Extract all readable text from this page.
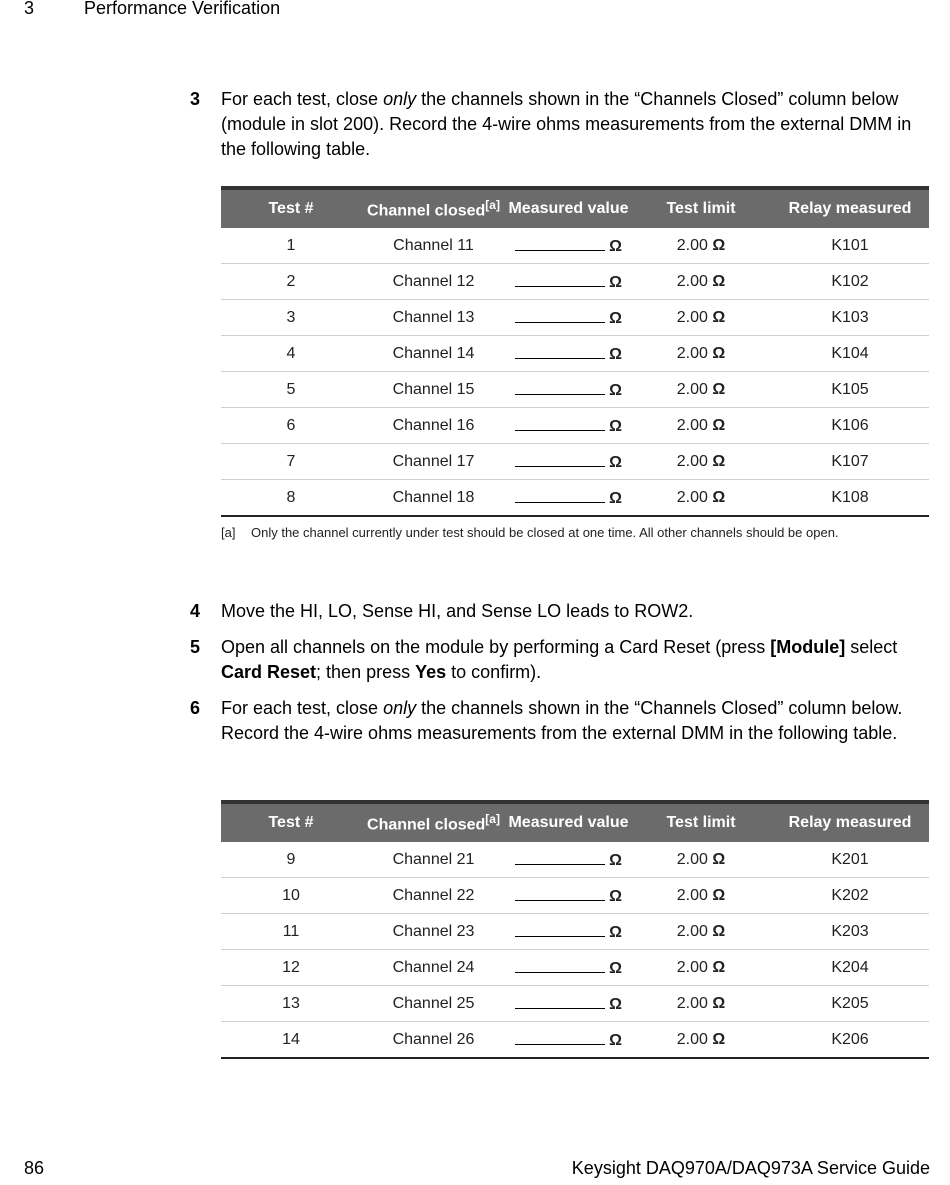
3	Performance Verification
3 For each test, close only the channels shown in the “Channels Closed” column below (module in slot 200). Record the 4-wire ohms measurements from the external DMM in the following table.
Test #	Channel closed[a]	Measured value	Test limit	Relay measured
1	Channel 11	Ω	2.00 Ω	K101
2	Channel 12	Ω	2.00 Ω	K102
3	Channel 13	Ω	2.00 Ω	K103
4	Channel 14	Ω	2.00 Ω	K104
5	Channel 15	Ω	2.00 Ω	K105
6	Channel 16	Ω	2.00 Ω	K106
7	Channel 17	Ω	2.00 Ω	K107
8	Channel 18	Ω	2.00 Ω	K108
[a] Only the channel currently under test should be closed at one time. All other channels should be open.
4 Move the HI, LO, Sense HI, and Sense LO leads to ROW2.
5 Open all channels on the module by performing a Card Reset (press [Module] select Card Reset; then press Yes to confirm).
6 For each test, close only the channels shown in the “Channels Closed” column below. Record the 4-wire ohms measurements from the external DMM in the following table.
Test #	Channel closed[a]	Measured value	Test limit	Relay measured
9	Channel 21	Ω	2.00 Ω	K201
10	Channel 22	Ω	2.00 Ω	K202
11	Channel 23	Ω	2.00 Ω	K203
12	Channel 24	Ω	2.00 Ω	K204
13	Channel 25	Ω	2.00 Ω	K205
14	Channel 26	Ω	2.00 Ω	K206
86	Keysight DAQ970A/DAQ973A Service Guide
